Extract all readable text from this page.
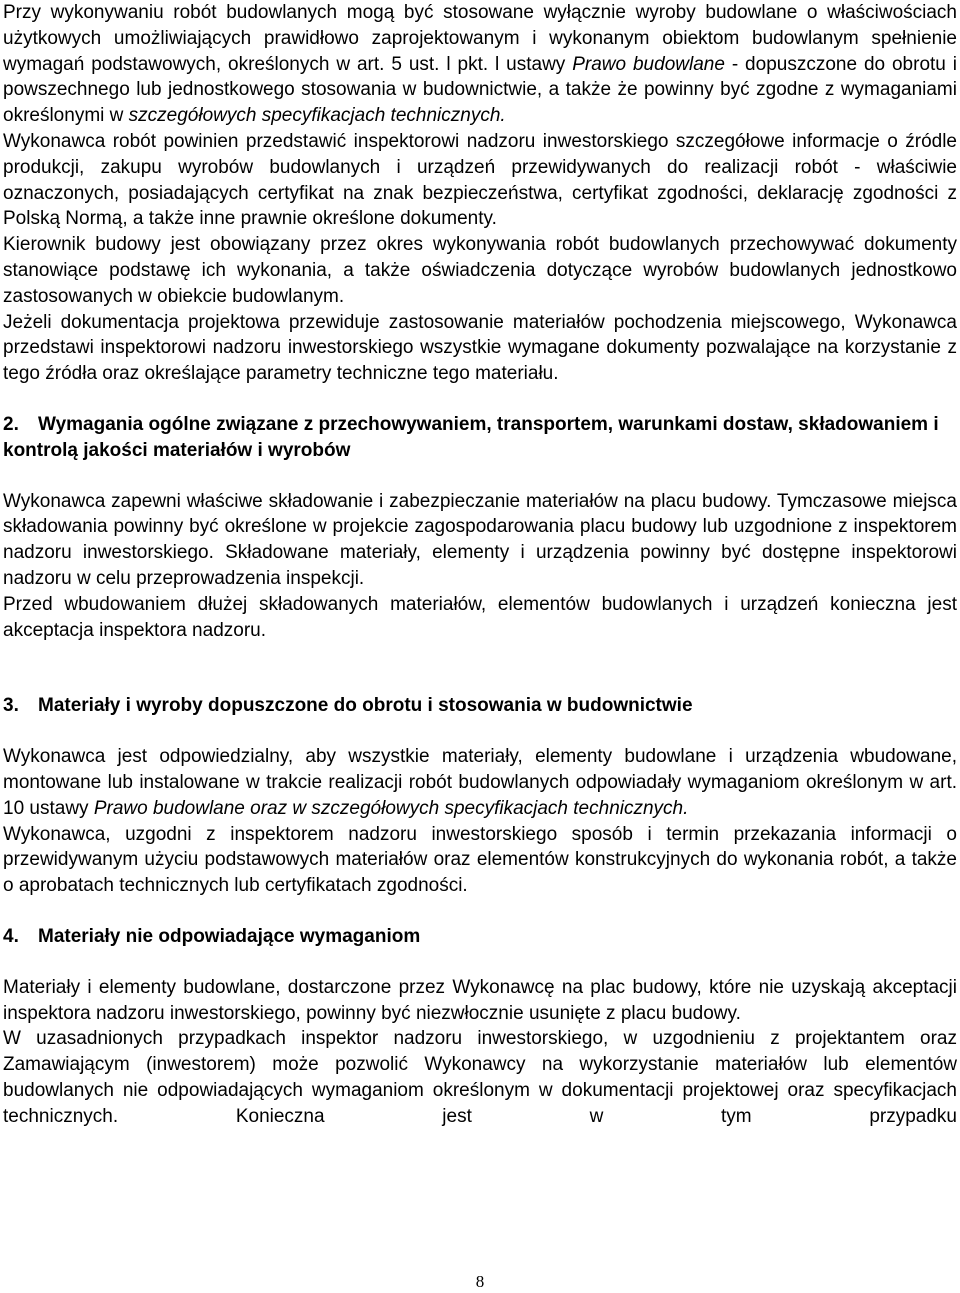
Przy wykonywaniu robót budowlanych mogą być stosowane wyłącznie wyroby budowlane o właściwościach użytkowych umożliwiających prawidłowo zaprojektowanym i wykonanym obiektom budowlanym spełnienie wymagań podstawowych, określonych w art. 5 ust. l pkt. l ustawy Prawo budowlane - dopuszczone do obrotu i powszechnego lub jednostkowego stosowania w budownictwie, a także że powinny być zgodne z wymaganiami określonymi w szczegółowych specyfikacjach technicznych.

Wykonawca robót powinien przedstawić inspektorowi nadzoru inwestorskiego szczegółowe informacje o źródle produkcji, zakupu wyrobów budowlanych i urządzeń przewidywanych do realizacji robót - właściwie oznaczonych, posiadających certyfikat na znak bezpieczeństwa, certyfikat zgodności, deklarację zgodności z Polską Normą, a także inne prawnie określone dokumenty.

Kierownik budowy jest obowiązany przez okres wykonywania robót budowlanych przechowywać dokumenty stanowiące podstawę ich wykonania, a także oświadczenia dotyczące wyrobów budowlanych jednostkowo zastosowanych w obiekcie budowlanym.

Jeżeli dokumentacja projektowa przewiduje zastosowanie materiałów pochodzenia miejscowego, Wykonawca przedstawi inspektorowi nadzoru inwestorskiego wszystkie wymagane dokumenty pozwalające na korzystanie z tego źródła oraz określające parametry techniczne tego materiału.

2. Wymagania ogólne związane z przechowywaniem, transportem, warunkami dostaw, składowaniem i kontrolą jakości materiałów i wyrobów

Wykonawca zapewni właściwe składowanie i zabezpieczanie materiałów na placu budowy. Tymczasowe miejsca składowania powinny być określone w projekcie zagospodarowania placu budowy lub uzgodnione z inspektorem nadzoru inwestorskiego. Składowane materiały, elementy i urządzenia powinny być dostępne inspektorowi nadzoru w celu przeprowadzenia inspekcji.

Przed wbudowaniem dłużej składowanych materiałów, elementów budowlanych i urządzeń konieczna jest akceptacja inspektora nadzoru.

3. Materiały i wyroby dopuszczone do obrotu i stosowania w budownictwie

Wykonawca jest odpowiedzialny, aby wszystkie materiały, elementy budowlane i urządzenia wbudowane, montowane lub instalowane w trakcie realizacji robót budowlanych odpowiadały wymaganiom określonym w art. 10 ustawy Prawo budowlane oraz w szczegółowych specyfikacjach technicznych.

Wykonawca, uzgodni z inspektorem nadzoru inwestorskiego sposób i termin przekazania informacji o przewidywanym użyciu podstawowych materiałów oraz elementów konstrukcyjnych do wykonania robót, a także o aprobatach technicznych lub certyfikatach zgodności.

4. Materiały nie odpowiadające wymaganiom

Materiały i elementy budowlane, dostarczone przez Wykonawcę na plac budowy, które nie uzyskają akceptacji inspektora nadzoru inwestorskiego, powinny być niezwłocznie usunięte z placu budowy.

W uzasadnionych przypadkach inspektor nadzoru inwestorskiego, w uzgodnieniu z projektantem oraz Zamawiającym (inwestorem) może pozwolić Wykonawcy na wykorzystanie materiałów lub elementów budowlanych nie odpowiadających wymaganiom określonym w dokumentacji projektowej oraz specyfikacjach technicznych. Konieczna jest w tym przypadku

8
